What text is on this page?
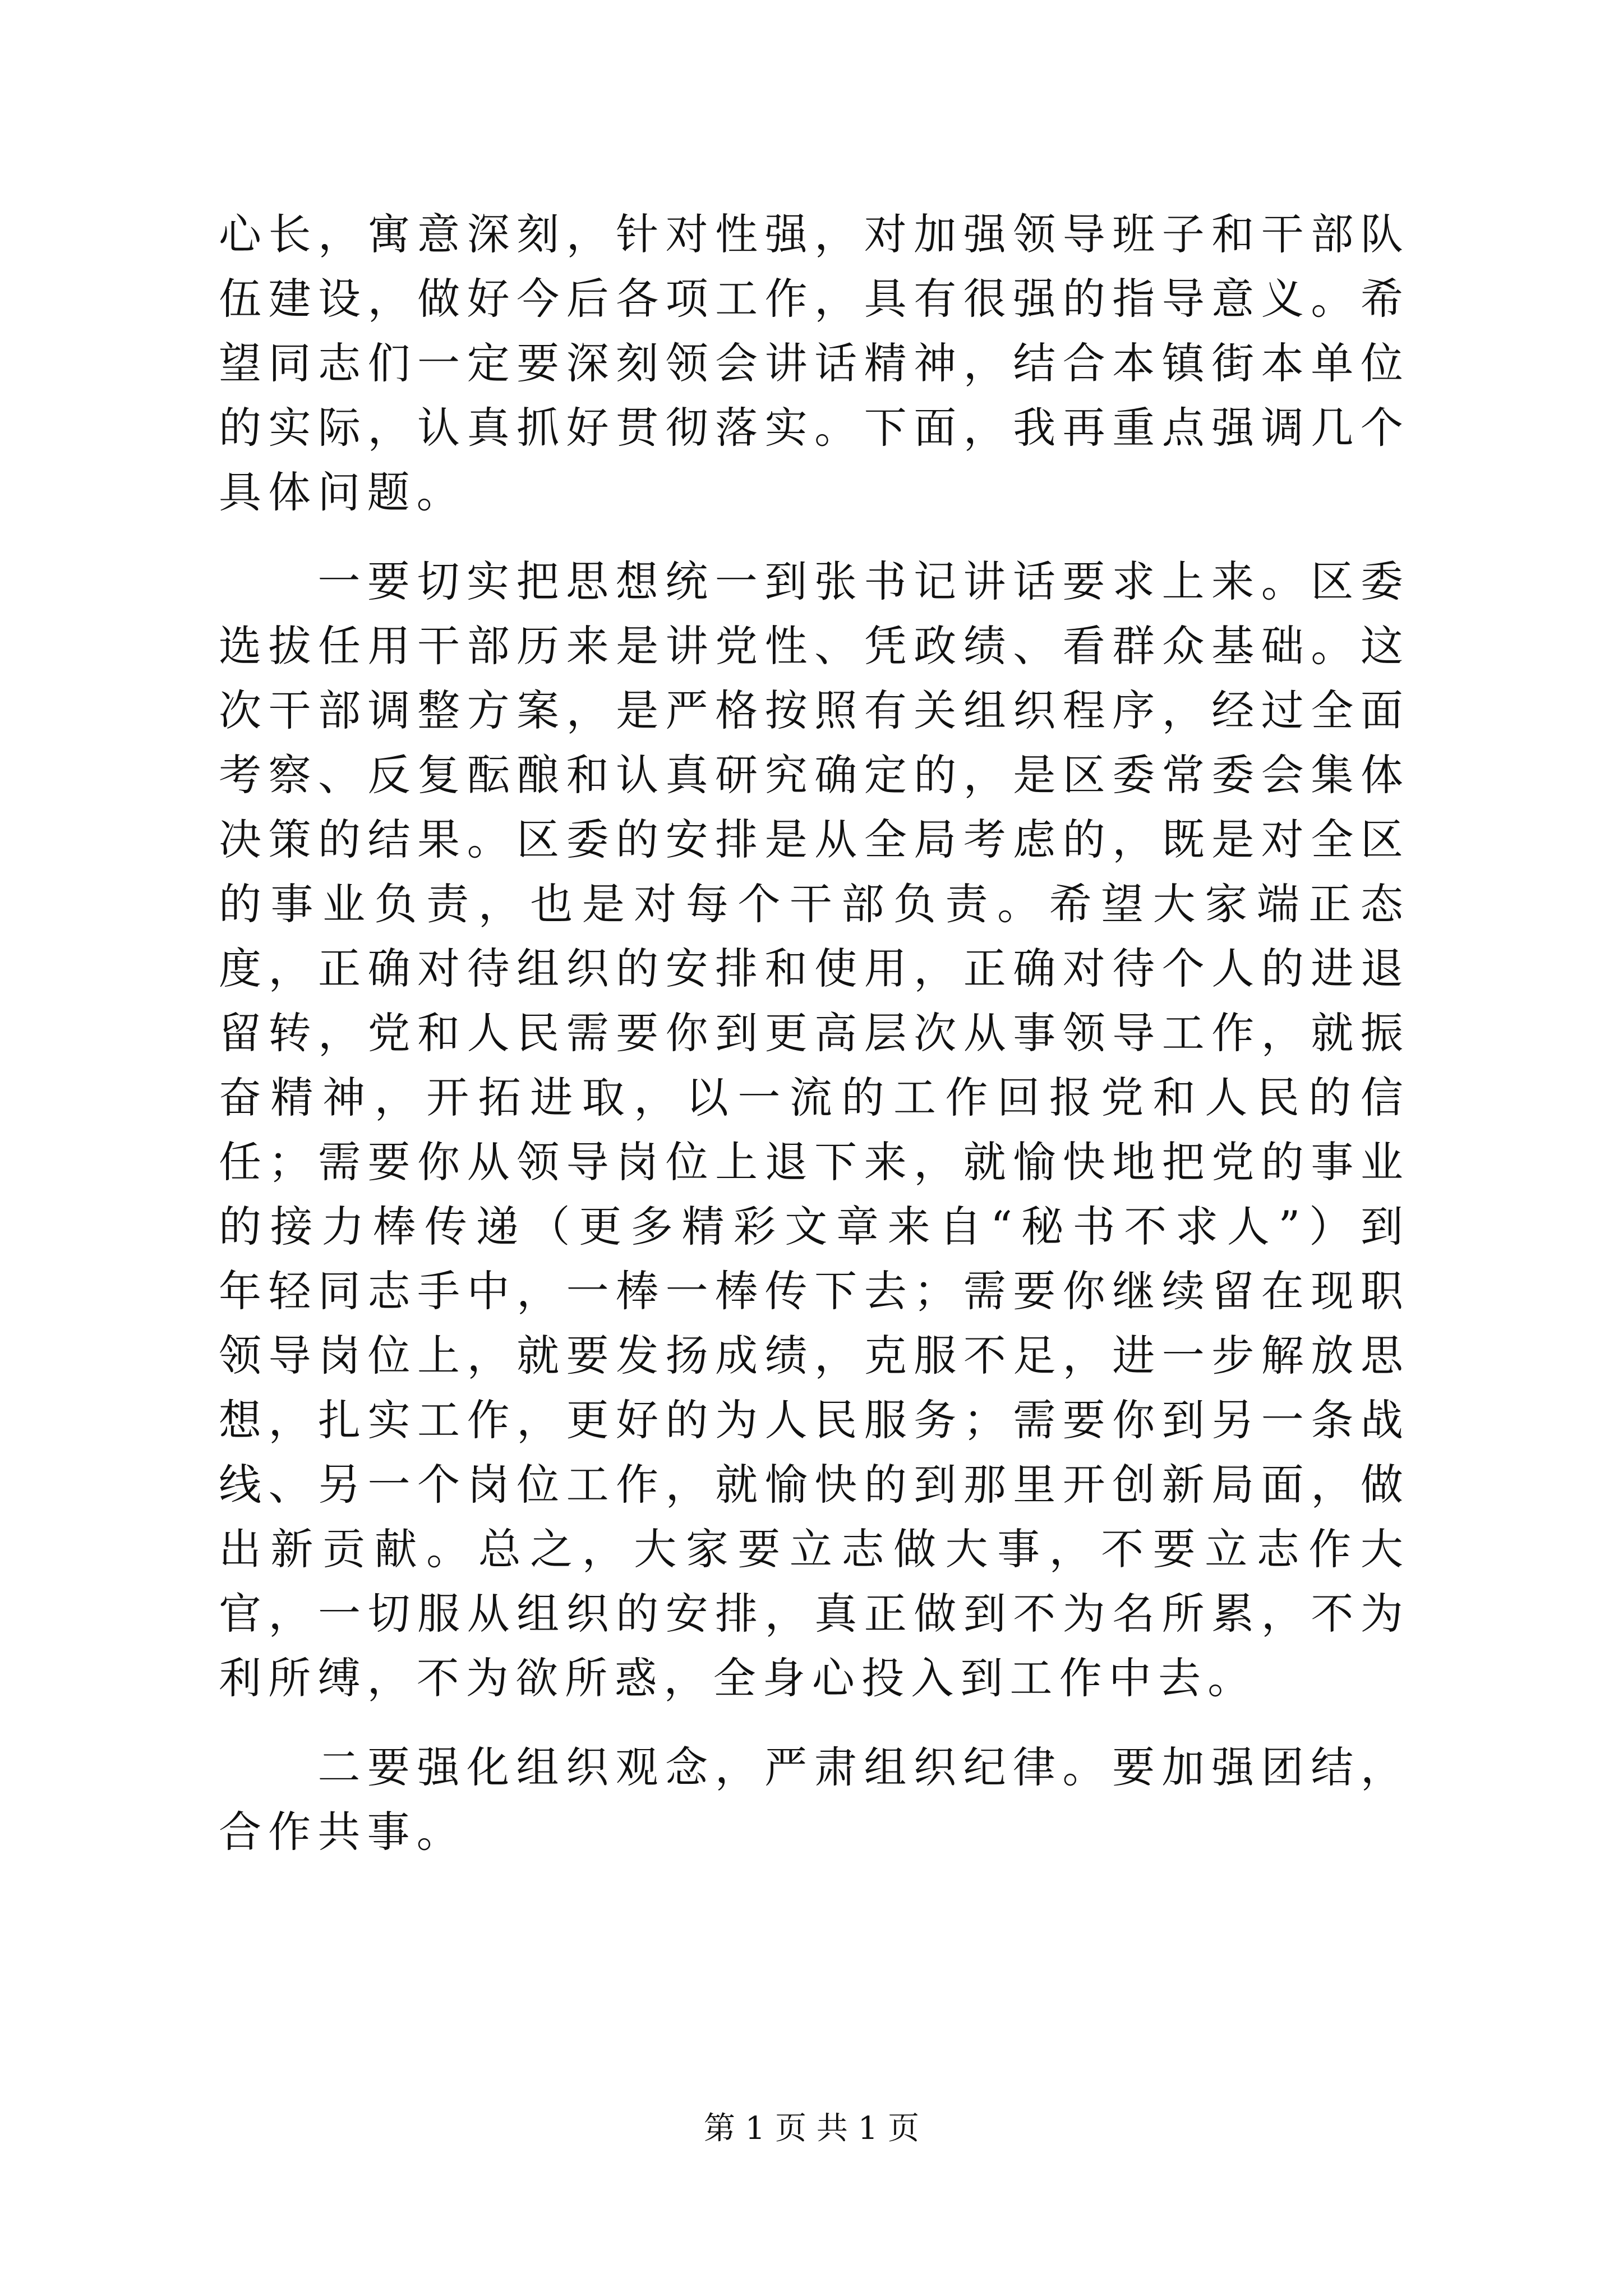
心长，寓意深刻，针对性强，对加强领导班子和干部队伍建设，做好今后各项工作，具有很强的指导意义。希望同志们一定要深刻领会讲话精神，结合本镇街本单位的实际，认真抓好贯彻落实。下面，我再重点强调几个具体问题。

一要切实把思想统一到张书记讲话要求上来。区委选拔任用干部历来是讲党性、凭政绩、看群众基础。这次干部调整方案，是严格按照有关组织程序，经过全面考察、反复酝酿和认真研究确定的，是区委常委会集体决策的结果。区委的安排是从全局考虑的，既是对全区的事业负责，也是对每个干部负责。希望大家端正态度，正确对待组织的安排和使用，正确对待个人的进退留转，党和人民需要你到更高层次从事领导工作，就振奋精神，开拓进取，以一流的工作回报党和人民的信任；需要你从领导岗位上退下来，就愉快地把党的事业的接力棒传递（更多精彩文章来自“秘书不求人”）到年轻同志手中，一棒一棒传下去；需要你继续留在现职领导岗位上，就要发扬成绩，克服不足，进一步解放思想，扎实工作，更好的为人民服务；需要你到另一条战线、另一个岗位工作，就愉快的到那里开创新局面，做出新贡献。总之，大家要立志做大事，不要立志作大官，一切服从组织的安排，真正做到不为名所累，不为利所缚，不为欲所惑，全身心投入到工作中去。

二要强化组织观念，严肃组织纪律。要加强团结，合作共事。

第 1 页 共 1 页
